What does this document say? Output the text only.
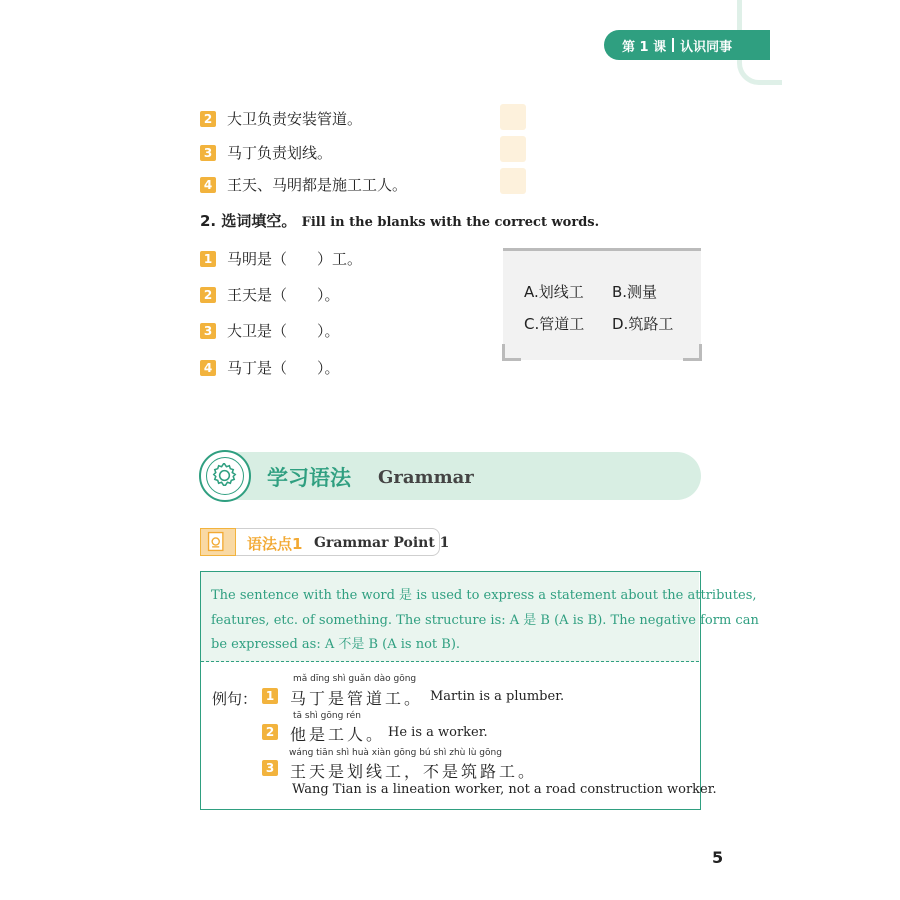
第 1 课 认识同事
2 大卫负责安装管道。
3 马丁负责划线。
4 王天、马明都是施工工人。
2. 选词填空。 Fill in the blanks with the correct words.
1 马明是（　　）工。
2 王天是（　　）。
3 大卫是（　　）。
4 马丁是（　　）。
A.划线工 B.测量
C.管道工 D.筑路工
学习语法 Grammar
语法点1 Grammar Point 1
The sentence with the word 是 is used to express a statement about the attributes,
features, etc. of something. The structure is: A 是 B (A is B). The negative form can
be expressed as: A 不是 B (A is not B).
例句： 1
mǎ dīng shì guǎn dào gōng
马丁是管道工。 Martin is a plumber.
2
tā shì gōng rén
他是工人。 He is a worker.
3
wáng tiān shì huà xiàn gōng bú shì zhù lù gōng
王天是划线工，不是筑路工。
Wang Tian is a lineation worker, not a road construction worker.
5
